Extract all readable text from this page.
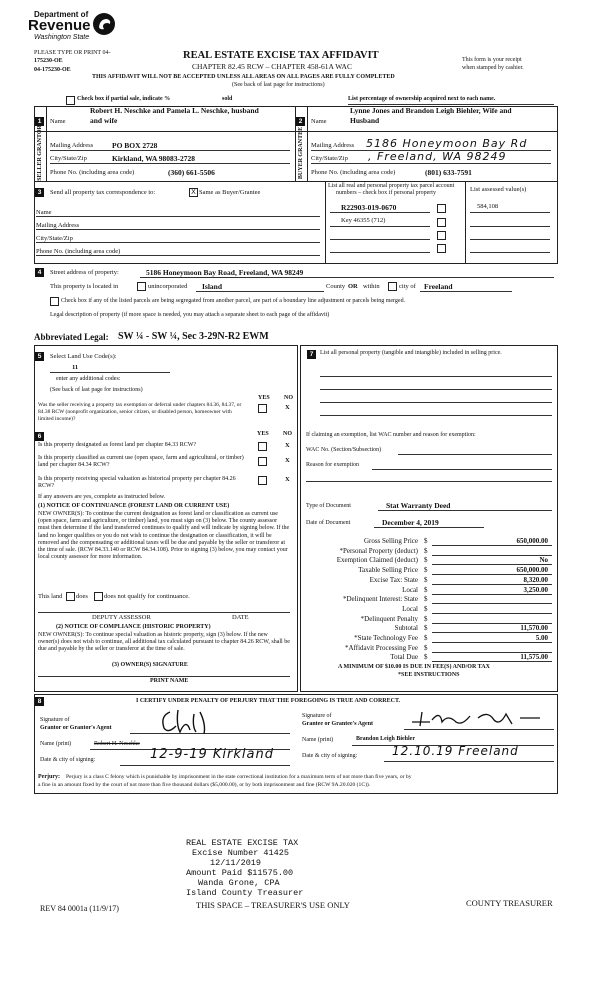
Department of
Revenue
Washington State
PLEASE TYPE OR PRINT 04-
175230-OE
04-175230-OE
REAL ESTATE EXCISE TAX AFFIDAVIT
CHAPTER 82.45 RCW – CHAPTER 458-61A WAC
This form is your receipt
when stamped by cashier.
THIS AFFIDAVIT WILL NOT BE ACCEPTED UNLESS ALL AREAS ON ALL PAGES ARE FULLY COMPLETED
(See back of last page for instructions)
Check box if partial sale, indicate %	sold	List percentage of ownership acquired next to each name.
1
Robert H. Neschke and Pamela L. Neschke, husband
Name	and wife
SELLER GRANTOR Mailing Address	PO BOX 2728
City/State/Zip	Kirkland, WA 98083-2728
Phone No. (including area code)	(360) 661-5506
2
Lynne Jones and Brandon Leigh Biehler, Wife and
Name	Husband
BUYER GRANTEE Mailing Address 5186 Honeymoon Bay Rd
City/State/Zip , Freeland, WA 98249
Phone No. (including area code)	(801) 633-7591
3	Send all property tax correspondence to:	X Same as Buyer/Grantee
Name
Mailing Address
City/State/Zip
Phone No. (including area code)
List all real and personal property tax parcel account
numbers – check box if personal property	List assessed value(s)
R22903-019-0670	584,108
Key 46355 (712)
4	Street address of property:	5186 Honeymoon Bay Road, Freeland, WA 98249
This property is located in	unincorporated Island	County OR within	city of Freeland
Check box if any of the listed parcels are being segregated from another parcel, are part of a boundary line adjustment or parcels being merged.
Legal description of property (if more space is needed, you may attach a separate sheet to each page of the affidavit)
Abbreviated Legal: SW ¼ - SW ¼, Sec 3-29N-R2 EWM
5	Select Land Use Code(s):
11
enter any additional codes:
(See back of last page for instructions)
YES NO
Was the seller receiving a property tax exemption or deferral under chapters 84.36, 84.37, or 84.38 RCW (nonprofit organization, senior citizen, or disabled person, homeowner with limited income)?
X
6	YES NO
Is this property designated as forest land per chapter 84.33 RCW?	X
Is this property classified as current use (open space, farm and agricultural, or timber) land per chapter 84.34 RCW?
X
Is this property receiving special valuation as historical property per chapter 84.26 RCW?
X
If any answers are yes, complete as instructed below.
(1) NOTICE OF CONTINUANCE (FOREST LAND OR CURRENT USE)
NEW OWNER(S): To continue the current designation as forest land or classification as current use (open space, farm and agriculture, or timber) land, you must sign on (3) below. The county assessor must then determine if the land transferred continues to qualify and will indicate by signing below. If the land no longer qualifies or you do not wish to continue the designation or classification, it will be removed and the compensating or additional taxes will be due and payable by the seller or transferor at the time of sale. (RCW 84.33.140 or RCW 84.34.108). Prior to signing (3) below, you may contact your local county assessor for more information.
This land does does not qualify for continuance.
DEPUTY ASSESSOR	DATE
(2) NOTICE OF COMPLIANCE (HISTORIC PROPERTY)
NEW OWNER(S): To continue special valuation as historic property, sign (3) below. If the new owner(s) does not wish to continue, all additional tax calculated pursuant to chapter 84.26 RCW, shall be due and payable by the seller or transferor at the time of sale.
(3) OWNER(S) SIGNATURE
PRINT NAME
7	List all personal property (tangible and intangible) included in selling price.
If claiming an exemption, list WAC number and reason for exemption:
WAC No. (Section/Subsection)
Reason for exemption
Type of Document	Stat Warranty Deed
Date of Document	December 4, 2019
Gross Selling Price $	650,000.00
*Personal Property (deduct) $
Exemption Claimed (deduct) $	No
Taxable Selling Price $	650,000.00
Excise Tax: State $	8,320.00
Local $	3,250.00
*Delinquent Interest: State $
Local $
*Delinquent Penalty $
Subtotal $	11,570.00
*State Technology Fee $	5.00
*Affidavit Processing Fee $
Total Due $	11,575.00
A MINIMUM OF $10.00 IS DUE IN FEE(S) AND/OR TAX
*SEE INSTRUCTIONS
8	I CERTIFY UNDER PENALTY OF PERJURY THAT THE FOREGOING IS TRUE AND CORRECT.
Signature of
Grantor or Grantor's Agent
Name (print)	Robert H. Neschke
Date & city of signing:	12-9-19 Kirkland
Signature of
Grantee or Grantee's Agent
Name (print)	Brandon Leigh Biehler
Date & city of signing:	12.10.19 Freeland
Perjury: Perjury is a class C felony which is punishable by imprisonment in the state correctional institution for a maximum term of not more than five years, or by
a fine in an amount fixed by the court of not more than five thousand dollars ($5,000.00), or by both imprisonment and fine (RCW 9A.20.020 (1C)).
REAL ESTATE EXCISE TAX
Excise Number 41425
12/11/2019
Amount Paid $11575.00
Wanda Grone, CPA
Island County Treasurer
REV 84 0001a (11/9/17)	THIS SPACE – TREASURER'S USE ONLY	COUNTY TREASURER
